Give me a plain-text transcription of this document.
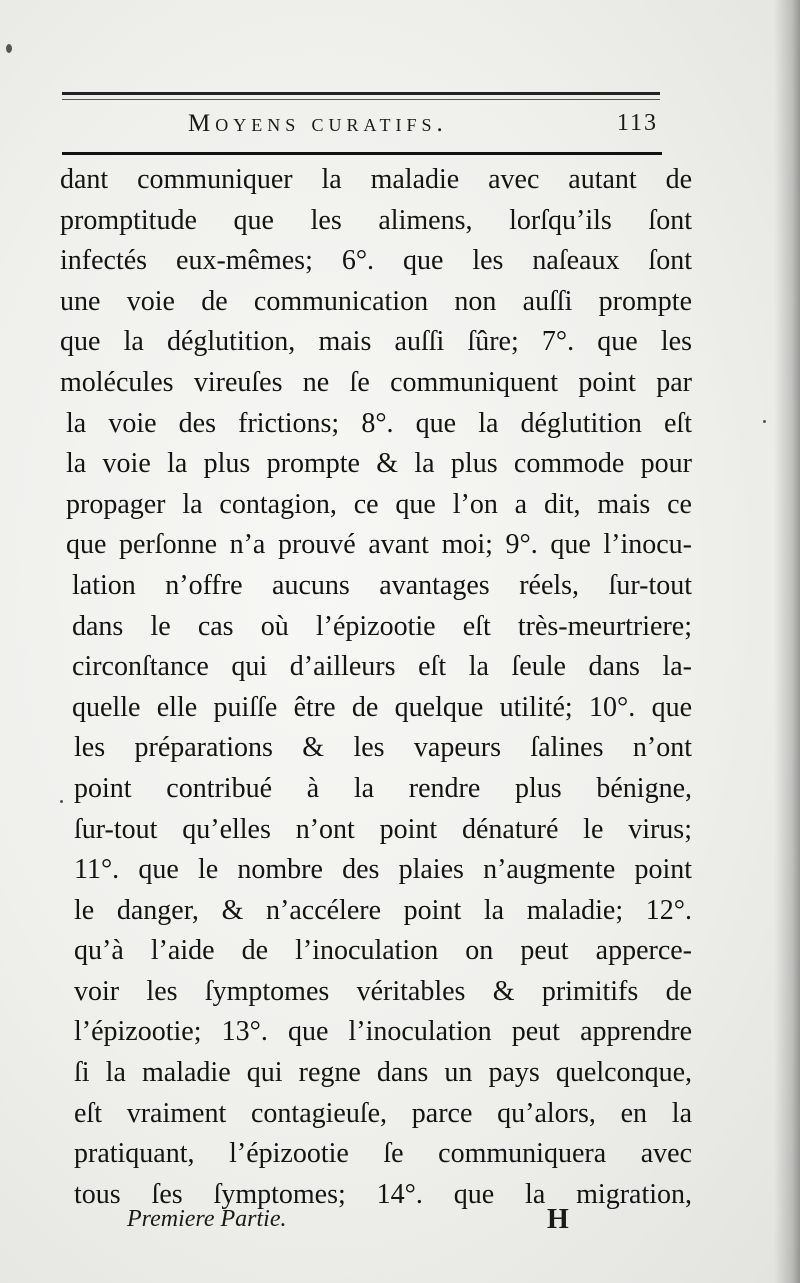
Moyens curatifs.	113
dant communiquer la maladie avec autant de
promptitude que les alimens, lorſqu’ils ſont
infectés eux-mêmes; 6°. que les naſeaux ſont
une voie de communication non auſſi prompte
que la déglutition, mais auſſi ſûre; 7°. que les
molécules vireuſes ne ſe communiquent point par
la voie des frictions; 8°. que la déglutition eſt
la voie la plus prompte & la plus commode pour
propager la contagion, ce que l’on a dit, mais ce
que perſonne n’a prouvé avant moi; 9°. que l’inocu-
lation n’offre aucuns avantages réels, ſur-tout
dans le cas où l’épizootie eſt très-meurtriere;
circonſtance qui d’ailleurs eſt la ſeule dans la-
quelle elle puiſſe être de quelque utilité; 10°. que
les préparations & les vapeurs ſalines n’ont
point contribué à la rendre plus bénigne,
ſur-tout qu’elles n’ont point dénaturé le virus;
11°. que le nombre des plaies n’augmente point
le danger, & n’accélere point la maladie; 12°.
qu’à l’aide de l’inoculation on peut apperce-
voir les ſymptomes véritables & primitifs de
l’épizootie; 13°. que l’inoculation peut apprendre
ſi la maladie qui regne dans un pays quelconque,
eſt vraiment contagieuſe, parce qu’alors, en la
pratiquant, l’épizootie ſe communiquera avec
tous ſes ſymptomes; 14°. que la migration,
Premiere Partie.	H
